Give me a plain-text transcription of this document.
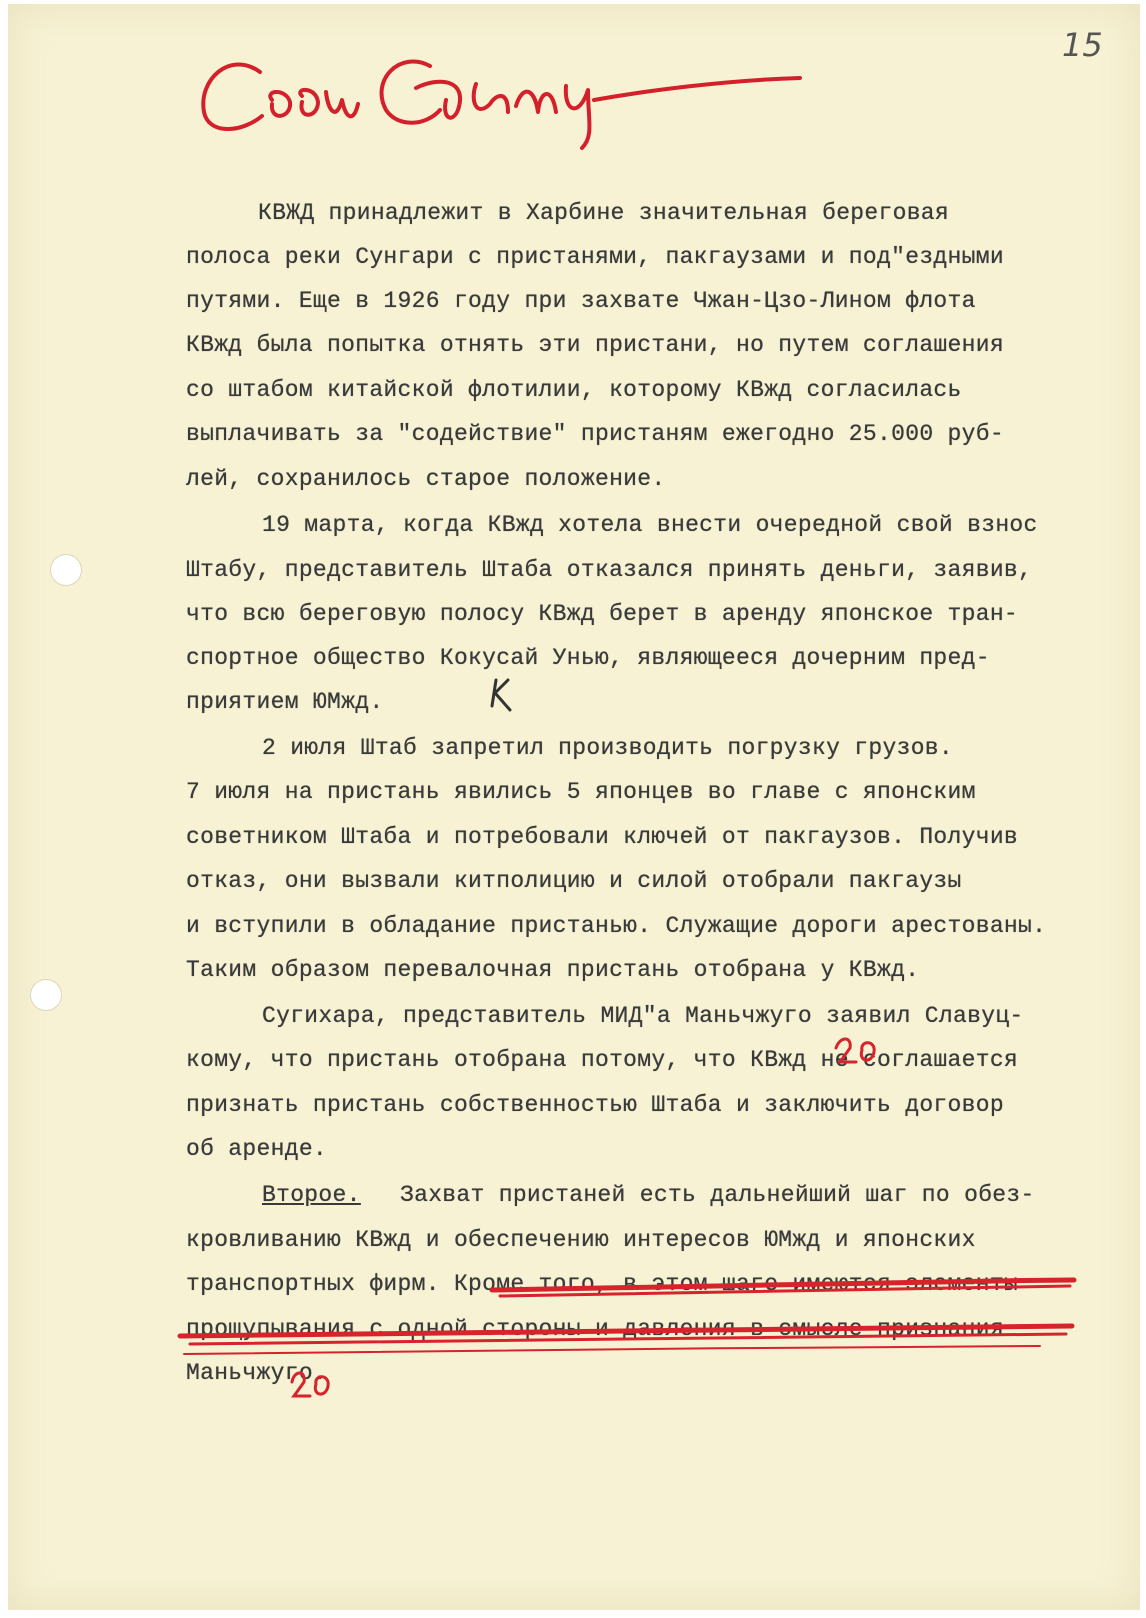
15
КВЖД принадлежит в Харбине значительная береговая
полоса реки Сунгари с пристанями, пакгаузами и под"ездными
путями. Еще в 1926 году при захвате Чжан-Цзо-Лином флота
КВжд была попытка отнять эти пристани, но путем соглашения
со штабом китайской флотилии, которому КВжд согласилась
выплачивать за "содействие" пристаням ежегодно 25.000 руб-
лей, сохранилось старое положение.
19 марта, когда КВжд хотела внести очередной свой взнос
Штабу, представитель Штаба отказался принять деньги, заявив,
что всю береговую полосу КВжд берет в аренду японское тран-
спортное общество Кокусай Унью, являющееся дочерним пред-
приятием ЮМжд.
2 июля Штаб запретил производить погрузку грузов.
7 июля на пристань явились 5 японцев во главе с японским
советником Штаба и потребовали ключей от пакгаузов. Получив
отказ, они вызвали китполицию и силой отобрали пакгаузы
и вступили в обладание пристанью. Служащие дороги арестованы.
Таким образом перевалочная пристань отобрана у КВжд.
Сугихара, представитель МИД"а Маньчжуго заявил Славуц-
кому, что пристань отобрана потому, что КВжд не соглашается
признать пристань собственностью Штаба и заключить договор
об аренде.
Второе. Захват пристаней есть дальнейший шаг по обез-
кровливанию КВжд и обеспечению интересов ЮМжд и японских
транспортных фирм. Кроме того, в этом шаге имеются элементы
прощупывания с одной стороны и давления в смысле признания
Маньчжуго.
